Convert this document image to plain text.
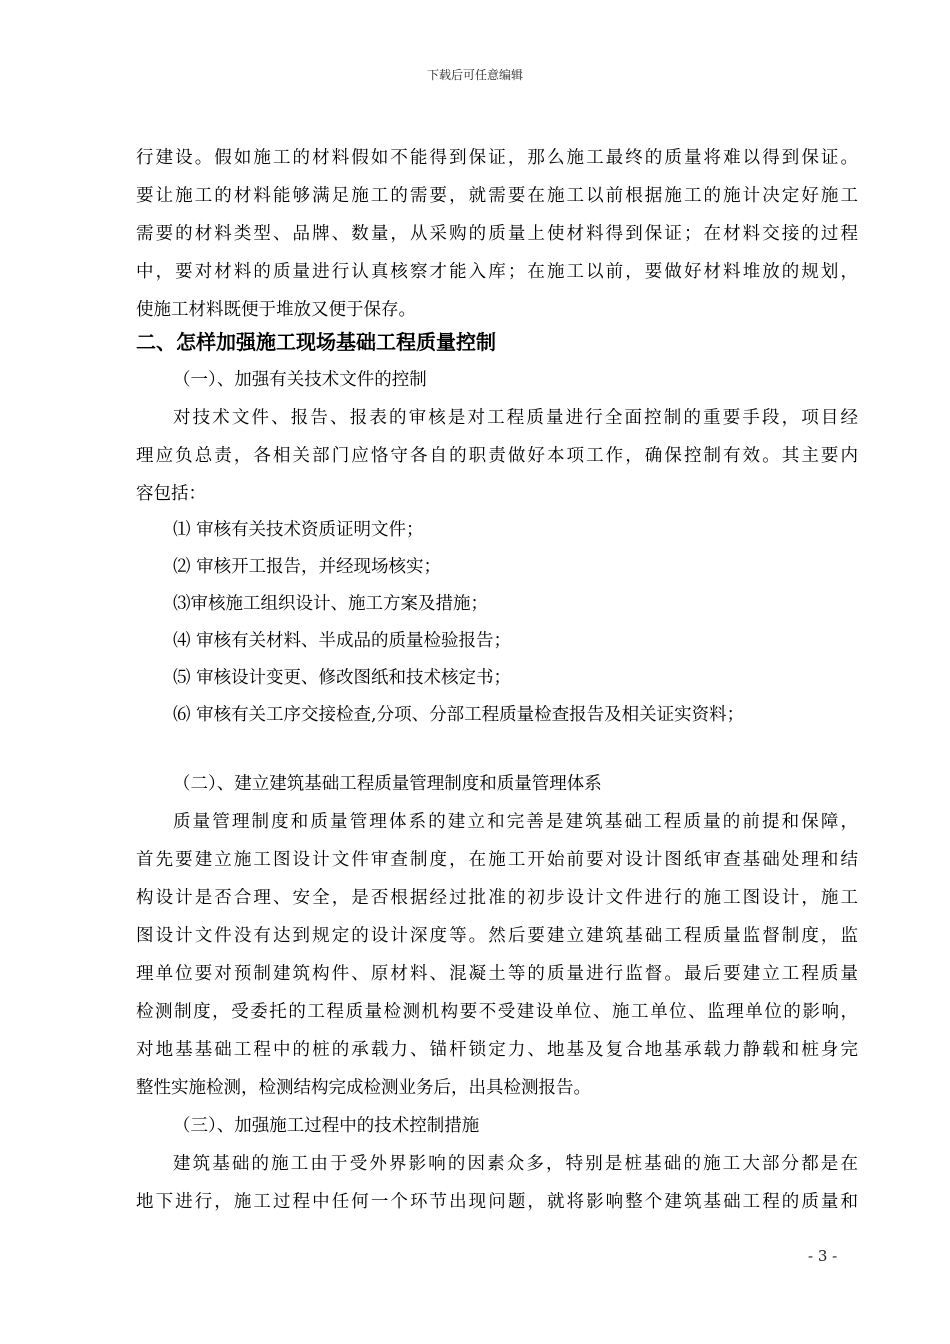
下载后可任意编辑
行建设。假如施工的材料假如不能得到保证，那么施工最终的质量将难以得到保证。
要让施工的材料能够满足施工的需要，就需要在施工以前根据施工的施计决定好施工
需要的材料类型、品牌、数量，从采购的质量上使材料得到保证；在材料交接的过程
中，要对材料的质量进行认真核察才能入库；在施工以前，要做好材料堆放的规划，
使施工材料既便于堆放又便于保存。
二、怎样加强施工现场基础工程质量控制
（一）、加强有关技术文件的控制
对技术文件、报告、报表的审核是对工程质量进行全面控制的重要手段，项目经
理应负总责，各相关部门应恪守各自的职责做好本项工作，确保控制有效。其主要内
容包括：
⑴ 审核有关技术资质证明文件；
⑵ 审核开工报告，并经现场核实；
⑶审核施工组织设计、施工方案及措施；
⑷ 审核有关材料、半成品的质量检验报告；
⑸ 审核设计变更、修改图纸和技术核定书；
⑹ 审核有关工序交接检查,分项、分部工程质量检查报告及相关证实资料；
（二）、建立建筑基础工程质量管理制度和质量管理体系
质量管理制度和质量管理体系的建立和完善是建筑基础工程质量的前提和保障，
首先要建立施工图设计文件审查制度，在施工开始前要对设计图纸审查基础处理和结
构设计是否合理、安全，是否根据经过批准的初步设计文件进行的施工图设计，施工
图设计文件没有达到规定的设计深度等。然后要建立建筑基础工程质量监督制度，监
理单位要对预制建筑构件、原材料、混凝土等的质量进行监督。最后要建立工程质量
检测制度，受委托的工程质量检测机构要不受建设单位、施工单位、监理单位的影响，
对地基基础工程中的桩的承载力、锚杆锁定力、地基及复合地基承载力静载和桩身完
整性实施检测，检测结构完成检测业务后，出具检测报告。
（三）、加强施工过程中的技术控制措施
建筑基础的施工由于受外界影响的因素众多，特别是桩基础的施工大部分都是在
地下进行，施工过程中任何一个环节出现问题，就将影响整个建筑基础工程的质量和
- 3 -
